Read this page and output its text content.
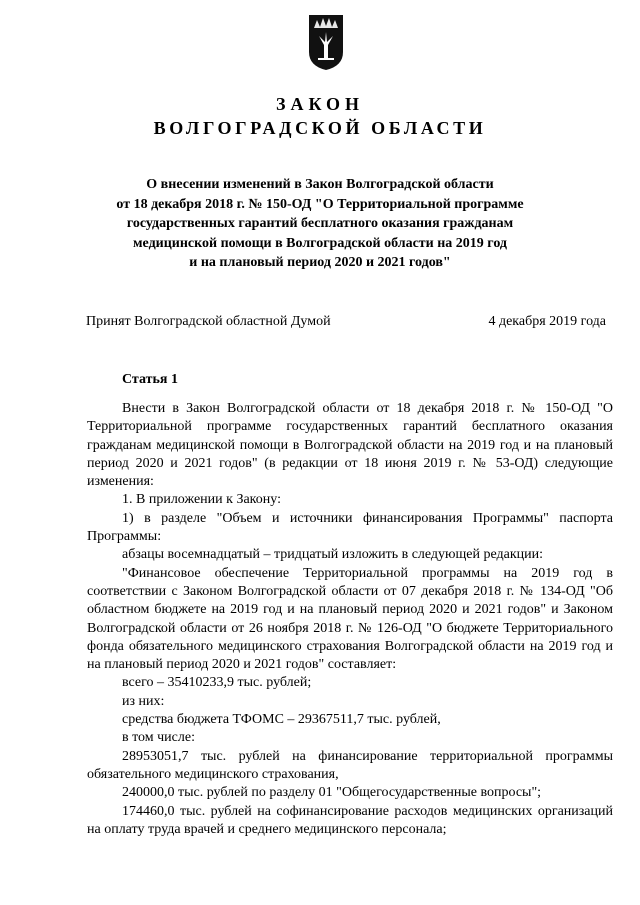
ЗАКОН
ВОЛГОГРАДСКОЙ ОБЛАСТИ
О внесении изменений в Закон Волгоградской области
от 18 декабря 2018 г. № 150-ОД "О Территориальной программе
государственных гарантий бесплатного оказания гражданам
медицинской помощи в Волгоградской области на 2019 год
и на плановый период 2020 и 2021 годов"
Принят Волгоградской областной Думой	4 декабря 2019 года
Статья 1

Внести в Закон Волгоградской области от 18 декабря 2018 г. № 150-ОД "О Территориальной программе государственных гарантий бесплатного оказания гражданам медицинской помощи в Волгоградской области на 2019 год и на плановый период 2020 и 2021 годов" (в редакции от 18 июня 2019 г. № 53-ОД) следующие изменения:

1. В приложении к Закону:

1) в разделе "Объем и источники финансирования Программы" паспорта Программы:

абзацы восемнадцатый – тридцатый изложить в следующей редакции:

"Финансовое обеспечение Территориальной программы на 2019 год в соответствии с Законом Волгоградской области от 07 декабря 2018 г. № 134-ОД "Об областном бюджете на 2019 год и на плановый период 2020 и 2021 годов" и Законом Волгоградской области от 26 ноября 2018 г. № 126-ОД "О бюджете Территориального фонда обязательного медицинского страхования Волгоградской области на 2019 год и на плановый период 2020 и 2021 годов" составляет:

всего – 35410233,9 тыс. рублей;

из них:

средства бюджета ТФОМС – 29367511,7 тыс. рублей,

в том числе:

28953051,7 тыс. рублей на финансирование территориальной программы обязательного медицинского страхования,

240000,0 тыс. рублей по разделу 01 "Общегосударственные вопросы";

174460,0 тыс. рублей на софинансирование расходов медицинских организаций на оплату труда врачей и среднего медицинского персонала;
